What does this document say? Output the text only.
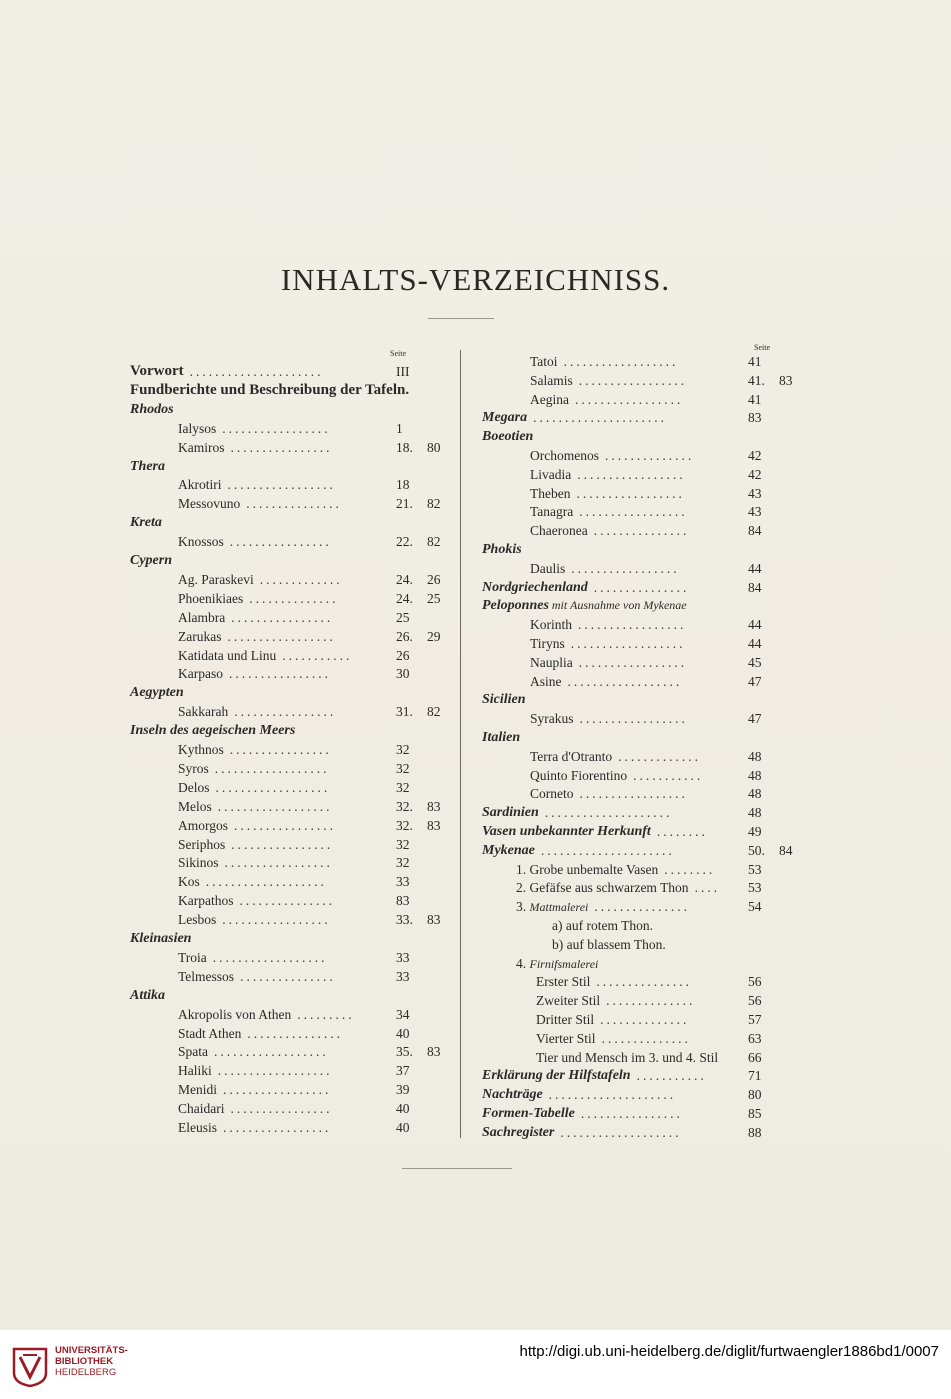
INHALTS-VERZEICHNISS.
Seite
Seite
Vorwort .....................	III
Fundberichte und Beschreibung der Tafeln.
Rhodos
Ialysos .................	1
Kamiros ................	18. 80
Thera
Akrotiri .................	18
Messovuno ...............	21. 82
Kreta
Knossos ................	22. 82
Cypern
Ag. Paraskevi .............	24. 26
Phoenikiaes ..............	24. 25
Alambra ................	25
Zarukas .................	26. 29
Katidata und Linu ...........	26
Karpaso ................	30
Aegypten
Sakkarah ................	31. 82
Inseln des aegeischen Meers
Kythnos ................	32
Syros ..................	32
Delos ..................	32
Melos ..................	32. 83
Amorgos ................	32. 83
Seriphos ................	32
Sikinos .................	32
Kos ...................	33
Karpathos ...............	83
Lesbos .................	33. 83
Kleinasien
Troia ..................	33
Telmessos ...............	33
Attika
Akropolis von Athen .........	34
Stadt Athen ...............	40
Spata ..................	35. 83
Haliki ..................	37
Menidi .................	39
Chaidari ................	40
Eleusis .................	40
Tatoi ..................	41
Salamis .................	41. 83
Aegina .................	41
Megara .....................	83
Boeotien
Orchomenos ..............	42
Livadia .................	42
Theben .................	43
Tanagra .................	43
Chaeronea ...............	84
Phokis
Daulis .................	44
Nordgriechenland ...............	84
Peloponnes mit Ausnahme von Mykenae
Korinth .................	44
Tiryns ..................	44
Nauplia .................	45
Asine ..................	47
Sicilien
Syrakus .................	47
Italien
Terra d'Otranto .............	48
Quinto Fiorentino ...........	48
Corneto .................	48
Sardinien ....................	48
Vasen unbekannter Herkunft ........	49
Mykenae .....................	50. 84
1. Grobe unbemalte Vasen ........ 53
2. Gefäfse aus schwarzem Thon .... 53
3. Mattmalerei ...............	54
a) auf rotem Thon.
b) auf blassem Thon.
4. Firnifsmalerei
Erster Stil ...............	56
Zweiter Stil ..............	56
Dritter Stil ..............	57
Vierter Stil ..............	63
Tier und Mensch im 3. und 4. Stil 66
Erklärung der Hilfstafeln ...........	71
Nachträge ....................	80
Formen-Tabelle ................	85
Sachregister ...................	88
UNIVERSITÄTS-
BIBLIOTHEK
HEIDELBERG
http://digi.ub.uni-heidelberg.de/diglit/furtwaengler1886bd1/0007
